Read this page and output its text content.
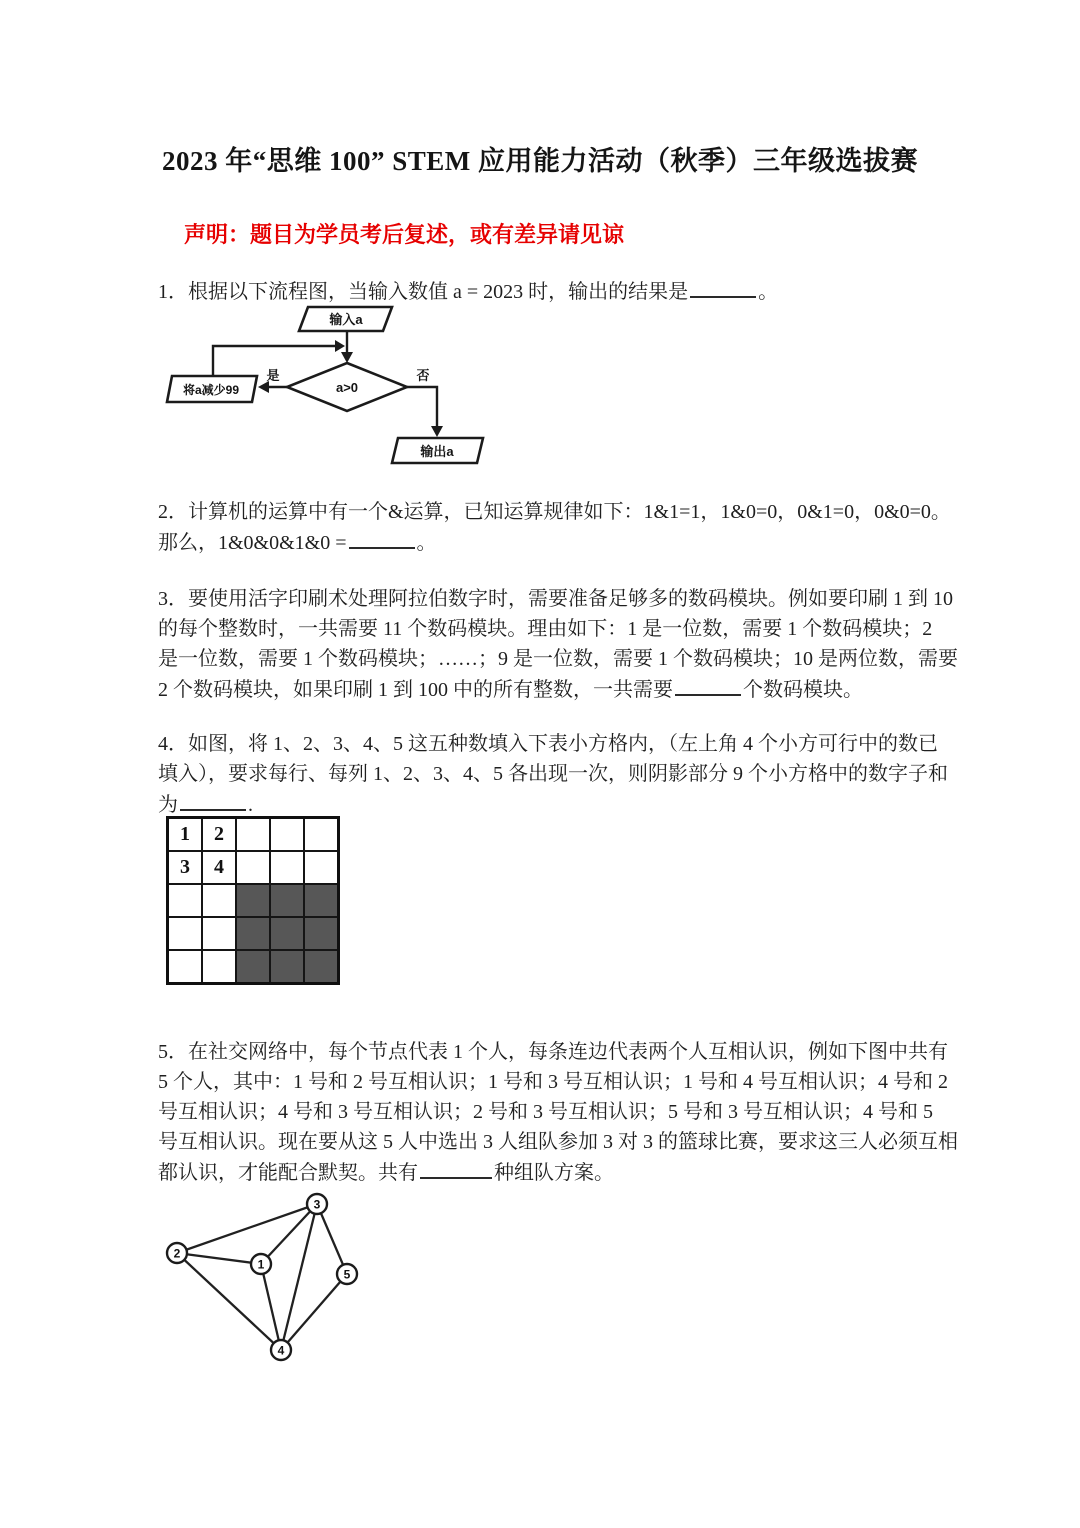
2023 年“思维 100” STEM 应用能力活动（秋季）三年级选拔赛
声明：题目为学员考后复述，或有差异请见谅
1．根据以下流程图，当输入数值 a = 2023 时，输出的结果是	。
输入a
a>0
是	否
将a减少99
输出a
2．计算机的运算中有一个&运算，已知运算规律如下：1&1=1，1&0=0，0&1=0，0&0=0。
那么，1&0&0&1&0 =	。
3．要使用活字印刷术处理阿拉伯数字时，需要准备足够多的数码模块。例如要印刷 1 到 10
的每个整数时，一共需要 11 个数码模块。理由如下：1 是一位数，需要 1 个数码模块；2
是一位数，需要 1 个数码模块；……；9 是一位数，需要 1 个数码模块；10 是两位数，需要
2 个数码模块，如果印刷 1 到 100 中的所有整数，一共需要	个数码模块。
4．如图，将 1、2、3、4、5 这五种数填入下表小方格内，（左上角 4 个小方可行中的数已
填入），要求每行、每列 1、2、3、4、5 各出现一次，则阴影部分 9 个小方格中的数字子和
为	.
1	2			
3	4			

5．在社交网络中，每个节点代表 1 个人，每条连边代表两个人互相认识，例如下图中共有
5 个人，其中：1 号和 2 号互相认识；1 号和 3 号互相认识；1 号和 4 号互相认识；4 号和 2
号互相认识；4 号和 3 号互相认识；2 号和 3 号互相认识；5 号和 3 号互相认识；4 号和 5
号互相认识。现在要从这 5 人中选出 3 人组队参加 3 对 3 的篮球比赛，要求这三人必须互相
都认识，才能配合默契。共有	种组队方案。
1
2
3
4
5
